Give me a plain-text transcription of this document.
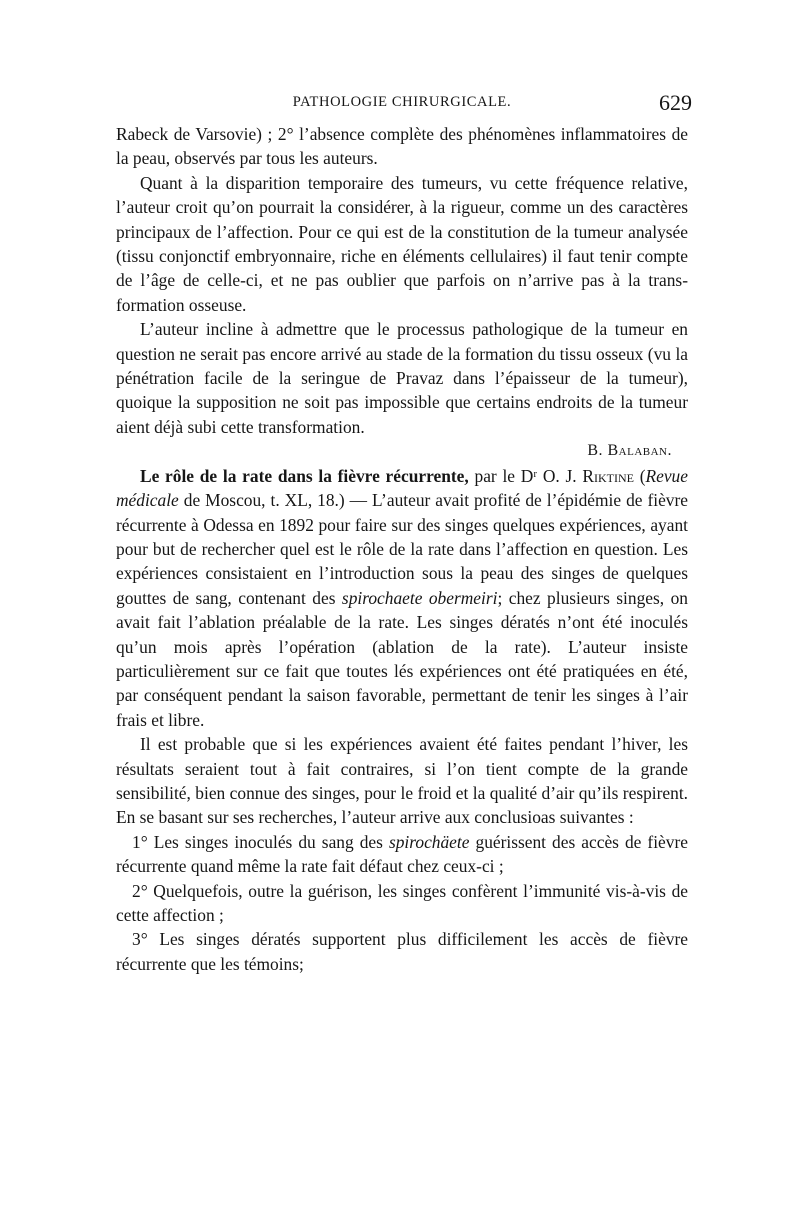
PATHOLOGIE CHIRURGICALE.	629

Rabeck de Varsovie) ; 2° l’absence complète des phénomènes inflammatoires de la peau, observés par tous les auteurs.

Quant à la disparition temporaire des tumeurs, vu cette fréquence relative, l’auteur croit qu’on pourrait la considérer, à la rigueur, comme un des caractères principaux de l’affection. Pour ce qui est de la constitution de la tumeur analysée (tissu conjonctif embryonnaire, riche en éléments cellulaires) il faut tenir compte de l’âge de celle-ci, et ne pas oublier que parfois on n’arrive pas à la transformation osseuse.

L’auteur incline à admettre que le processus pathologique de la tumeur en question ne serait pas encore arrivé au stade de la formation du tissu osseux (vu la pénétration facile de la seringue de Pravaz dans l’épaisseur de la tumeur), quoique la supposition ne soit pas impossible que certains endroits de la tumeur aient déjà subi cette transformation.

B. Balaban.

Le rôle de la rate dans la fièvre récurrente, par le Dʳ O. J. Riktine (Revue médicale de Moscou, t. XL, 18.) — L’auteur avait profité de l’épidémie de fièvre récurrente à Odessa en 1892 pour faire sur des singes quelques expériences, ayant pour but de rechercher quel est le rôle de la rate dans l’affection en question. Les expériences consistaient en l’introduction sous la peau des singes de quelques gouttes de sang, contenant des spirochaete obermeiri; chez plusieurs singes, on avait fait l’ablation préalable de la rate. Les singes dératés n’ont été inoculés qu’un mois après l’opération (ablation de la rate). L’auteur insiste particulièrement sur ce fait que toutes lés expériences ont été pratiquées en été, par conséquent pendant la saison favorable, permettant de tenir les singes à l’air frais et libre.

Il est probable que si les expériences avaient été faites pendant l’hiver, les résultats seraient tout à fait contraires, si l’on tient compte de la grande sensibilité, bien connue des singes, pour le froid et la qualité d’air qu’ils respirent. En se basant sur ses recherches, l’auteur arrive aux conclusioas suivantes :

1° Les singes inoculés du sang des spirochäete guérissent des accès de fièvre récurrente quand même la rate fait défaut chez ceux-ci ;

2° Quelquefois, outre la guérison, les singes confèrent l’immunité vis-à-vis de cette affection ;

3° Les singes dératés supportent plus difficilement les accès de fièvre récurrente que les témoins;
